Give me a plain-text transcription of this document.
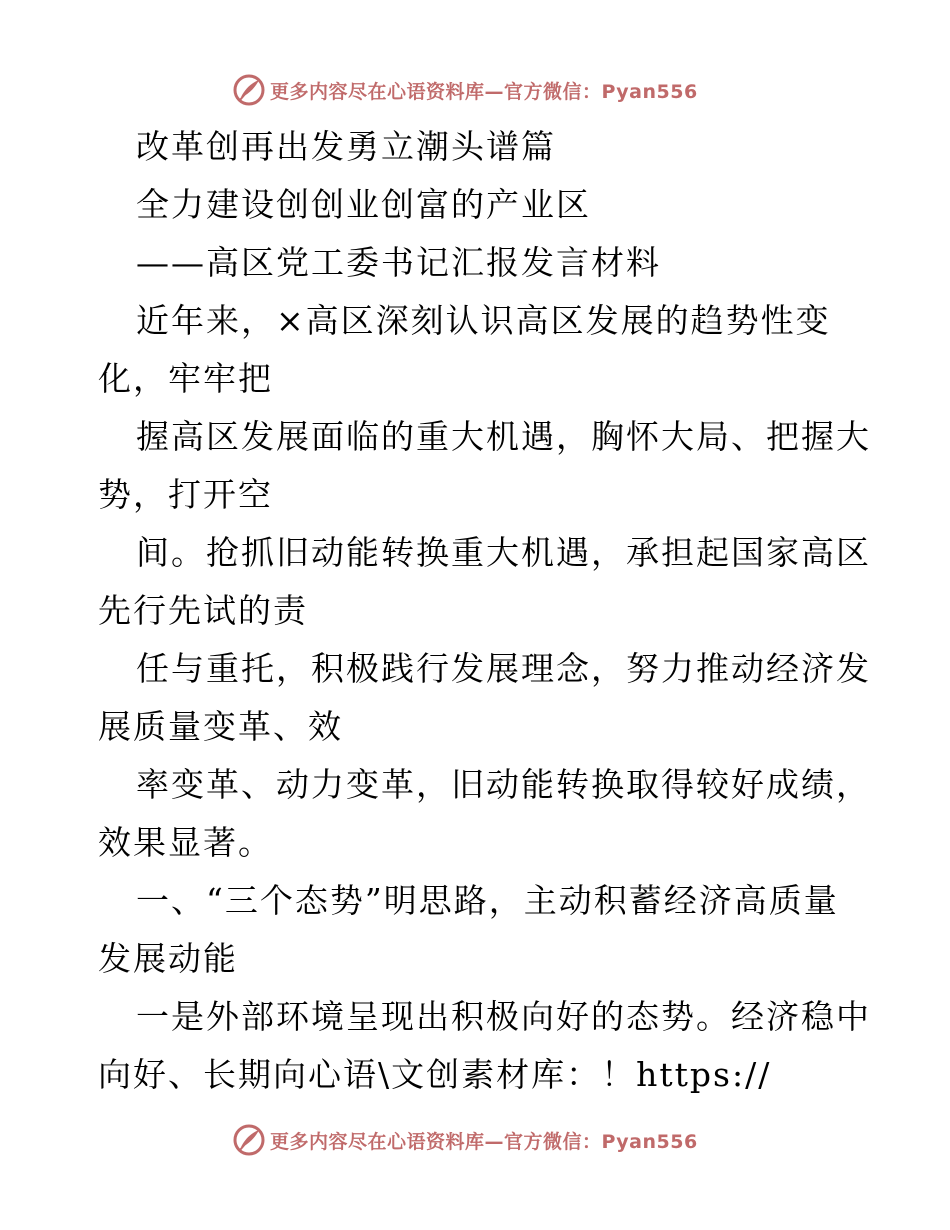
更多内容尽在心语资料库—官方微信：Pyan556
改革创再出发勇立潮头谱篇
全力建设创创业创富的产业区
——高区党工委书记汇报发言材料
近年来，×高区深刻认识高区发展的趋势性变
化，牢牢把
握高区发展面临的重大机遇，胸怀大局、把握大
势，打开空
间。抢抓旧动能转换重大机遇，承担起国家高区
先行先试的责
任与重托，积极践行发展理念，努力推动经济发
展质量变革、效
率变革、动力变革，旧动能转换取得较好成绩，
效果显著。
一、“三个态势”明思路，主动积蓄经济高质量
发展动能
一是外部环境呈现出积极向好的态势。经济稳中
向好、长期向心语\文创素材库：！https://
更多内容尽在心语资料库—官方微信：Pyan556
